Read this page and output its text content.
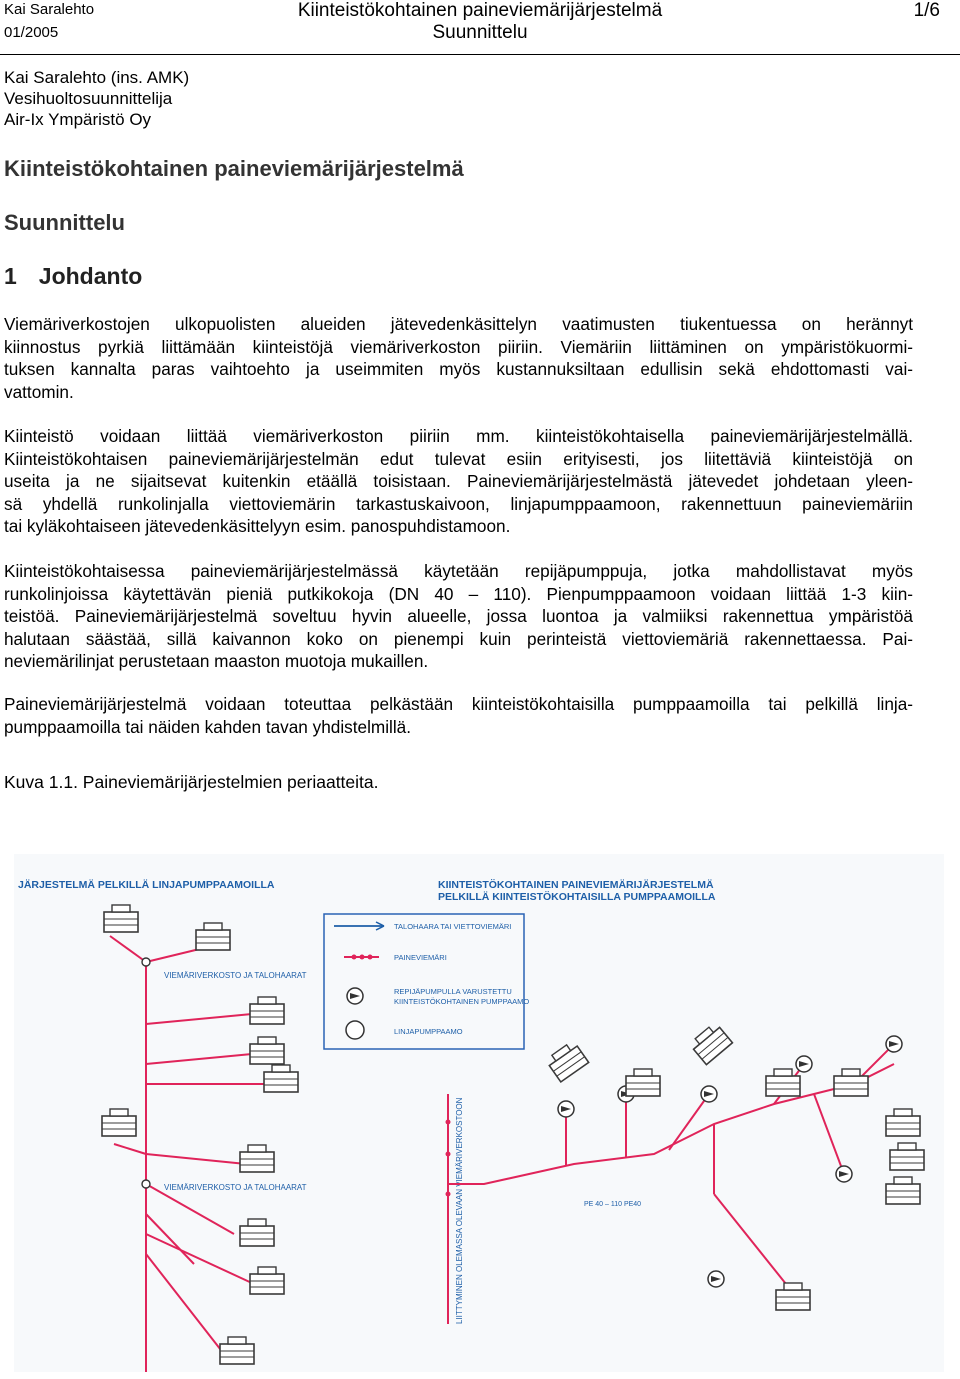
Kai Saralehto
01/2005
Kiinteistökohtainen paineviemärijärjestelmä
Suunnittelu
1/6
Kai Saralehto (ins. AMK)
Vesihuoltosuunnittelija
Air-Ix Ympäristö Oy
Kiinteistökohtainen paineviemärijärjestelmä
Suunnittelu
1 Johdanto
Viemäriverkostojen ulkopuolisten alueiden jätevedenkäsittelyn vaatimusten tiukentuessa on herännyt
kiinnostus pyrkiä liittämään kiinteistöjä viemäriverkoston piiriin. Viemäriin liittäminen on ympäristökuormi-
tuksen kannalta paras vaihtoehto ja useimmiten myös kustannuksiltaan edullisin sekä ehdottomasti vai-
vattomin.
Kiinteistö voidaan liittää viemäriverkoston piiriin mm. kiinteistökohtaisella paineviemärijärjestelmällä.
Kiinteistökohtaisen paineviemärijärjestelmän edut tulevat esiin erityisesti, jos liitettäviä kiinteistöjä on
useita ja ne sijaitsevat kuitenkin etäällä toisistaan. Paineviemärijärjestelmästä jätevedet johdetaan yleen-
sä yhdellä runkolinjalla viettoviemärin tarkastuskaivoon, linjapumppaamoon, rakennettuun paineviemäriin
tai kyläkohtaiseen jätevedenkäsittelyyn esim. panospuhdistamoon.
Kiinteistökohtaisessa paineviemärijärjestelmässä käytetään repijäpumppuja, jotka mahdollistavat myös
runkolinjoissa käytettävän pieniä putkikokoja (DN 40 – 110). Pienpumppaamoon voidaan liittää 1-3 kiin-
teistöä. Paineviemärijärjestelmä soveltuu hyvin alueelle, jossa luontoa ja valmiiksi rakennettua ympäristöä
halutaan säästää, sillä kaivannon koko on pienempi kuin perinteistä viettoviemäriä rakennettaessa. Pai-
neviemärilinjat perustetaan maaston muotoja mukaillen.
Paineviemärijärjestelmä voidaan toteuttaa pelkästään kiinteistökohtaisilla pumppaamoilla tai pelkillä linja-
pumppaamoilla tai näiden kahden tavan yhdistelmillä.
Kuva 1.1. Paineviemärijärjestelmien periaatteita.
JÄRJESTELMÄ PELKILLÄ LINJAPUMPPAAMOILLA	KIINTEISTÖKOHTAINEN PAINEVIEMÄRIJÄRJESTELMÄ
PELKILLÄ KIINTEISTÖKOHTAISILLA PUMPPAAMOILLA
TALOHAARA TAI VIETTOVIEMÄRI
PAINEVIEMÄRI
REPIJÄPUMPULLA VARUSTETTU
KIINTEISTÖKOHTAINEN PUMPPAAMO
LINJAPUMPPAAMO
VIEMÄRIVERKOSTO JA TALOHAARAT
VIEMÄRIVERKOSTO JA TALOHAARAT	LIITTYMINEN OLEMASSA OLEVAAN VIEMÄRIVERKOSTOON	PE 40 – 110 PE40
